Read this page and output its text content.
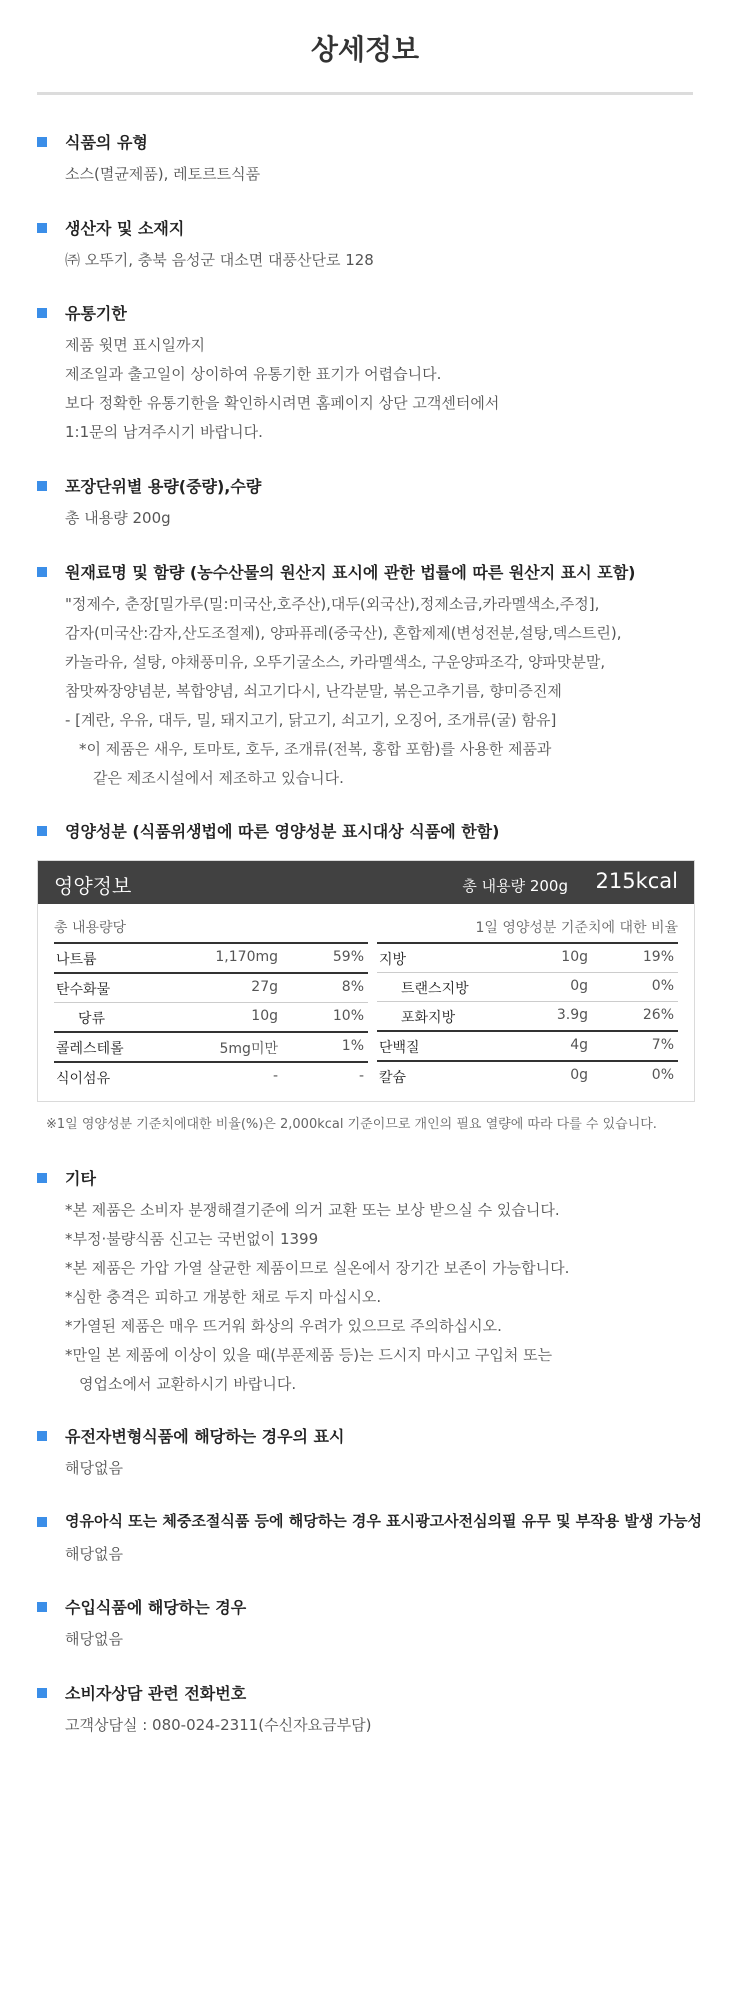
상세정보
식품의 유형
소스(멸균제품), 레토르트식품
생산자 및 소재지
㈜ 오뚜기, 충북 음성군 대소면 대풍산단로 128
유통기한
제품 윗면 표시일까지
제조일과 출고일이 상이하여 유통기한 표기가 어렵습니다.
보다 정확한 유통기한을 확인하시려면 홈페이지 상단 고객센터에서
1:1문의 남겨주시기 바랍니다.
포장단위별 용량(중량),수량
총 내용량 200g
원재료명 및 함량 (농수산물의 원산지 표시에 관한 법률에 따른 원산지 표시 포함)
"정제수, 춘장[밀가루(밀:미국산,호주산),대두(외국산),정제소금,카라멜색소,주정],
감자(미국산:감자,산도조절제), 양파퓨레(중국산), 혼합제제(변성전분,설탕,덱스트린),
카놀라유, 설탕, 야채풍미유, 오뚜기굴소스, 카라멜색소, 구운양파조각, 양파맛분말,
참맛짜장양념분, 복합양념, 쇠고기다시, 난각분말, 볶은고추기름, 향미증진제
- [계란, 우유, 대두, 밀, 돼지고기, 닭고기, 쇠고기, 오징어, 조개류(굴) 함유]
*이 제품은 새우, 토마토, 호두, 조개류(전복, 홍합 포함)를 사용한 제품과
같은 제조시설에서 제조하고 있습니다.
영양성분 (식품위생법에 따른 영양성분 표시대상 식품에 한함)
영양정보	총 내용량 200g 215kcal
총 내용량당	1일 영양성분 기준치에 대한 비율
나트륨	1,170mg	59%
탄수화물	27g	8%
당류	10g	10%
콜레스테롤	5mg미만	1%
식이섬유	-	-
지방	10g	19%
트랜스지방	0g	0%
포화지방	3.9g	26%
단백질	4g	7%
칼슘	0g	0%
※1일 영양성분 기준치에대한 비율(%)은 2,000kcal 기준이므로 개인의 필요 열량에 따라 다를 수 있습니다.
기타
*본 제품은 소비자 분쟁해결기준에 의거 교환 또는 보상 받으실 수 있습니다.
*부정·불량식품 신고는 국번없이 1399
*본 제품은 가압 가열 살균한 제품이므로 실온에서 장기간 보존이 가능합니다.
*심한 충격은 피하고 개봉한 채로 두지 마십시오.
*가열된 제품은 매우 뜨거워 화상의 우려가 있으므로 주의하십시오.
*만일 본 제품에 이상이 있을 때(부푼제품 등)는 드시지 마시고 구입처 또는
영업소에서 교환하시기 바랍니다.
유전자변형식품에 해당하는 경우의 표시
해당없음
영유아식 또는 체중조절식품 등에 해당하는 경우 표시광고사전심의필 유무 및 부작용 발생 가능성
해당없음
수입식품에 해당하는 경우
해당없음
소비자상담 관련 전화번호
고객상담실 : 080-024-2311(수신자요금부담)
